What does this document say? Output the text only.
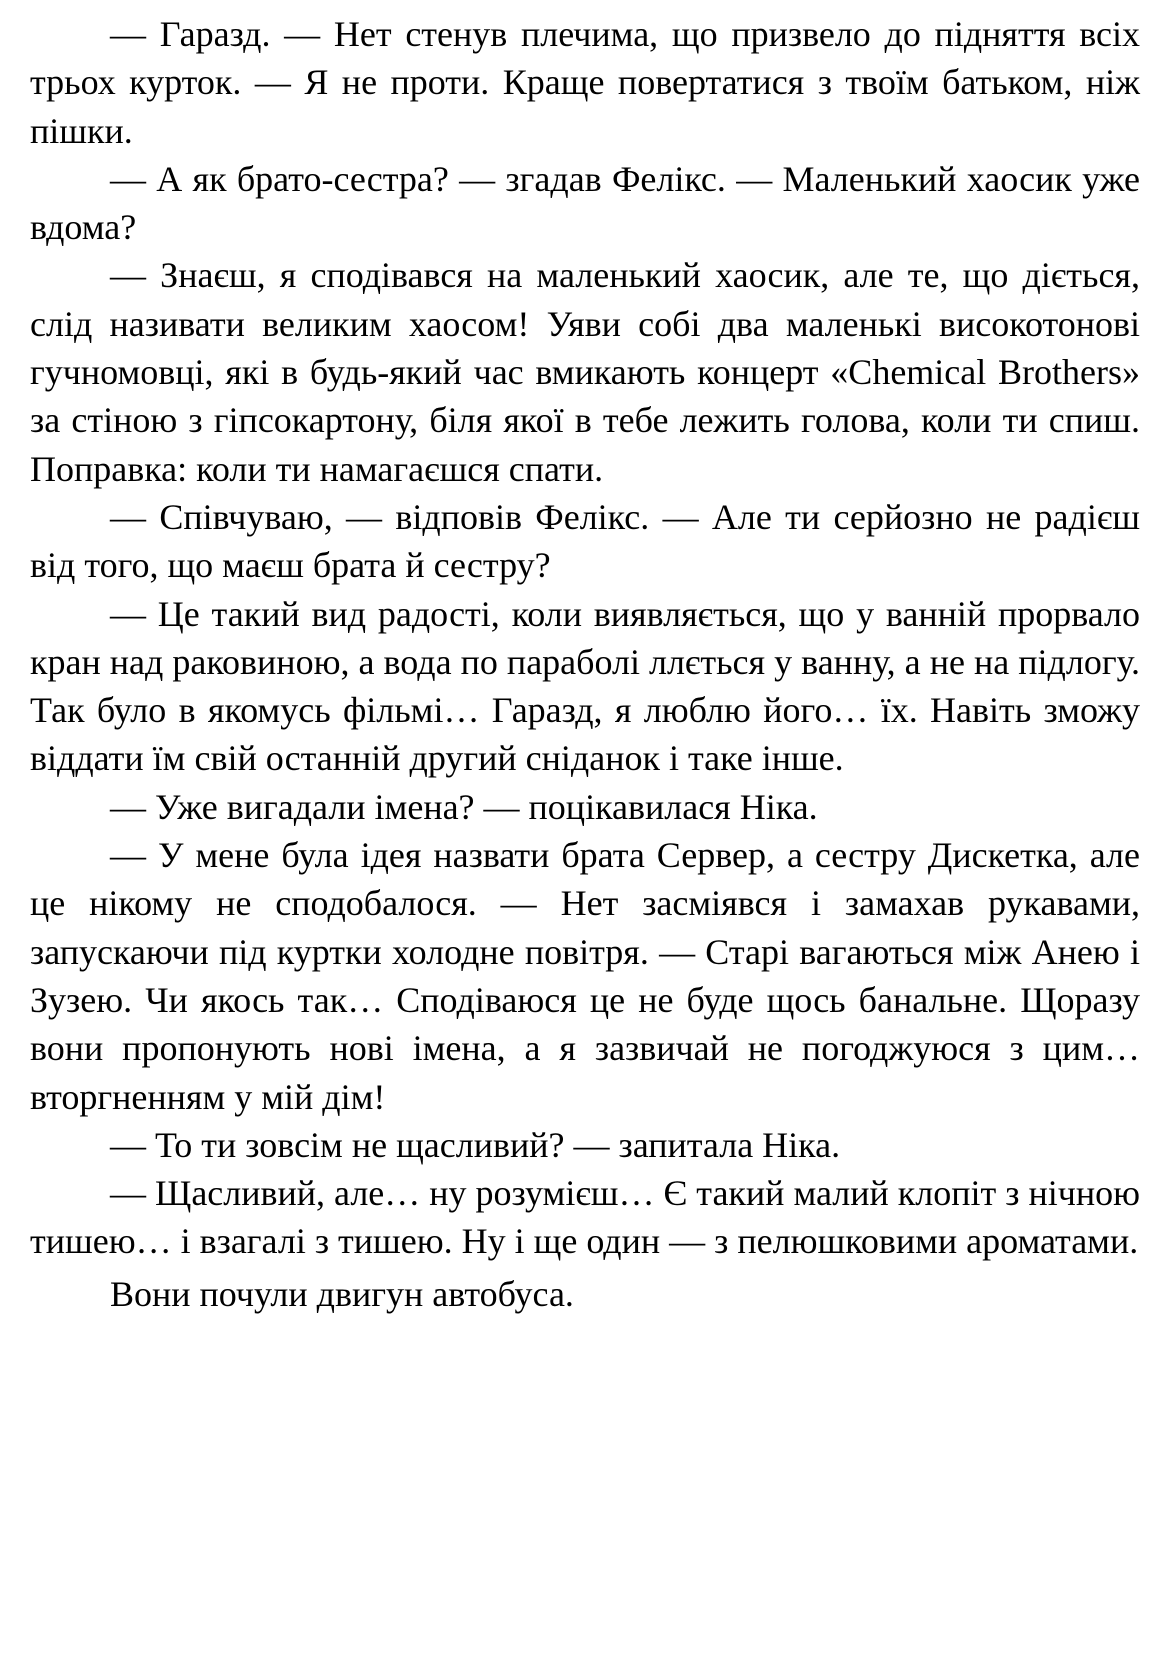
— Гаразд. — Нет стенув плечима, що призвело до підняття всіх трьох курток. — Я не проти. Краще повертатися з твоїм батьком, ніж пішки.

— А як брато-сестра? — згадав Фелікс. — Маленький хаосик уже вдома?

— Знаєш, я сподівався на маленький хаосик, але те, що діється, слід називати великим хаосом! Уяви собі два маленькі високотонові гучномовці, які в будь-який час вмикають концерт «Chemical Brothers» за стіною з гіпсокартону, біля якої в тебе лежить голова, коли ти спиш. Поправка: коли ти намагаєшся спати.

— Співчуваю, — відповів Фелікс. — Але ти серйозно не радієш від того, що маєш брата й сестру?

— Це такий вид радості, коли виявляється, що у ванній прорвало кран над раковиною, а вода по параболі ллється у ванну, а не на підлогу. Так було в якомусь фільмі… Гаразд, я люблю його… їх. Навіть зможу віддати їм свій останній другий сніданок і таке інше.

— Уже вигадали імена? — поцікавилася Ніка.

— У мене була ідея назвати брата Сервер, а сестру Дискетка, але це нікому не сподобалося. — Нет засміявся і замахав рукавами, запускаючи під куртки холодне повітря. — Старі вагаються між Анею і Зузею. Чи якось так… Сподіваюся це не буде щось банальне. Щоразу вони пропонують нові імена, а я зазвичай не погоджуюся з цим… вторгненням у мій дім!

— То ти зовсім не щасливий? — запитала Ніка.

— Щасливий, але… ну розумієш… Є такий малий клопіт з нічною тишею… і взагалі з тишею. Ну і ще один — з пелюшковими ароматами.

Вони почули двигун автобуса.
